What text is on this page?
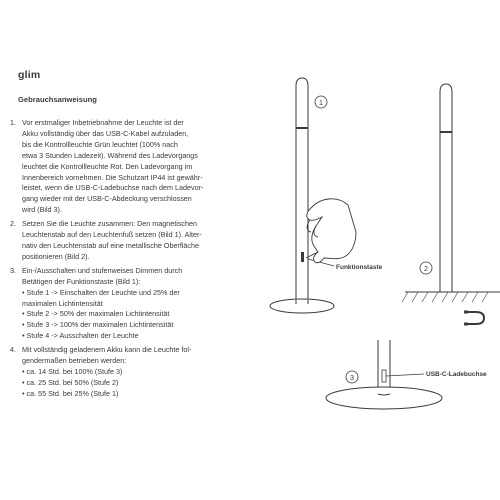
glim
Gebrauchsanweisung
1. Vor erstmaliger Inbetriebnahme der Leuchte ist der
Akku vollständig über das USB-C-Kabel aufzuladen,
bis die Kontrollleuchte Grün leuchtet (100% nach
etwa 3 Stunden Ladezeit). Während des Ladevorgangs
leuchtet die Kontrollleuchte Rot. Den Ladevorgang im
Innenbereich vornehmen. Die Schutzart IP44 ist gewähr-
leistet, wenn die USB-C-Ladebuchse nach dem Ladevor-
gang wieder mit der USB-C-Abdeckung verschlossen
wird (Bild 3).
2. Setzen Sie die Leuchte zusammen: Den magnetischen
Leuchtenstab auf den Leuchtenfuß setzen (Bild 1). Alter-
nativ den Leuchtenstab auf eine metallische Oberfläche
positionieren (Bild 2).
3. Ein-/Ausschalten und stufenweises Dimmen durch
Betätigen der Funktionstaste (Bild 1):
• Stufe 1 -> Einschalten der Leuchte und 25% der
maximalen Lichtintensität
• Stufe 2 -> 50% der maximalen Lichtintensität
• Stufe 3 -> 100% der maximalen Lichtintensität
• Stufe 4 -> Ausschalten der Leuchte
4. Mit vollständig geladenem Akku kann die Leuchte fol-
gendermaßen betrieben werden:
• ca. 14 Std. bei 100% (Stufe 3)
• ca. 25 Std. bei 50% (Stufe 2)
• ca. 55 Std. bei 25% (Stufe 1)
1
Funktionstaste	2
3
USB-C-Ladebuchse
